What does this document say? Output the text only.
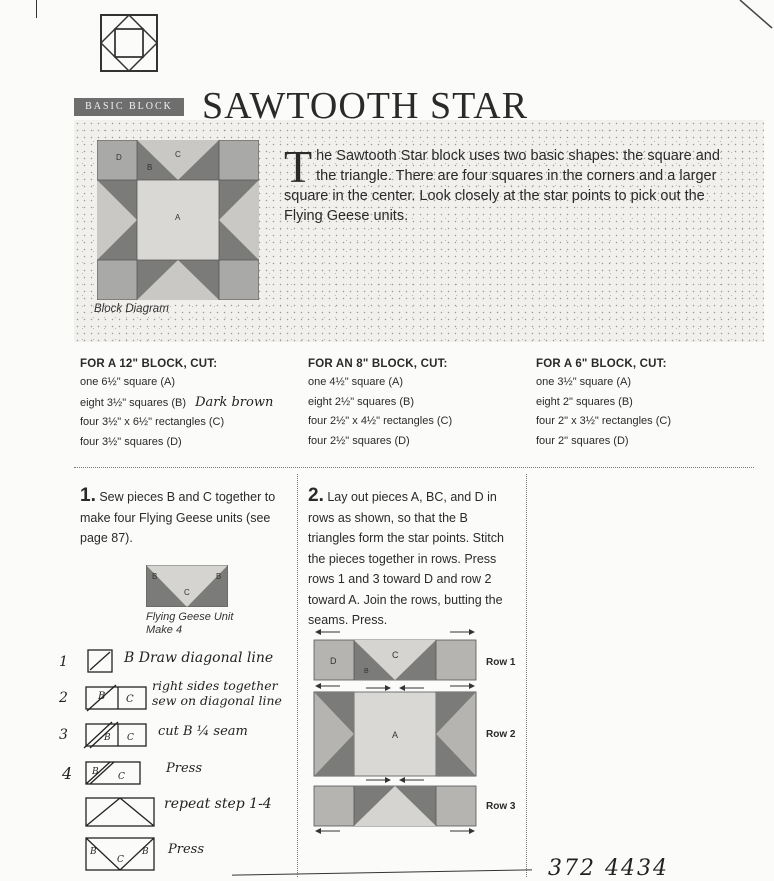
BASIC BLOCK SAWTOOTH STAR
D
B
C
A
Block Diagram
T he Sawtooth Star block uses two basic shapes: the square and the triangle. There are four squares in the corners and a larger square in the center. Look closely at the star points to pick out the Flying Geese units.
FOR A 12" BLOCK, CUT:
one 6½" square (A)
eight 3½" squares (B) Dark brown
four 3½" x 6½" rectangles (C)
four 3½" squares (D)
FOR AN 8" BLOCK, CUT:
one 4½" square (A)
eight 2½" squares (B)
four 2½" x 4½" rectangles (C)
four 2½" squares (D)
FOR A 6" BLOCK, CUT:
one 3½" square (A)
eight 2" squares (B)
four 2" x 3½" rectangles (C)
four 2" squares (D)
1. Sew pieces B and C together to make four Flying Geese units (see page 87).
B	B
C
Flying Geese Unit
Make 4
1	B Draw diagonal line
2	B C
right sides together
sew on diagonal line
3	B C cut B ¼ seam
4 B C
Press
repeat step 1-4
B	B
C
Press
2. Lay out pieces A, BC, and D in rows as shown, so that the B triangles form the star points. Stitch the pieces together in rows. Press rows 1 and 3 toward D and row 2 toward A. Join the rows, butting the seams. Press.
D
B
C
A
Row 1
Row 2
Row 3
372 4434
